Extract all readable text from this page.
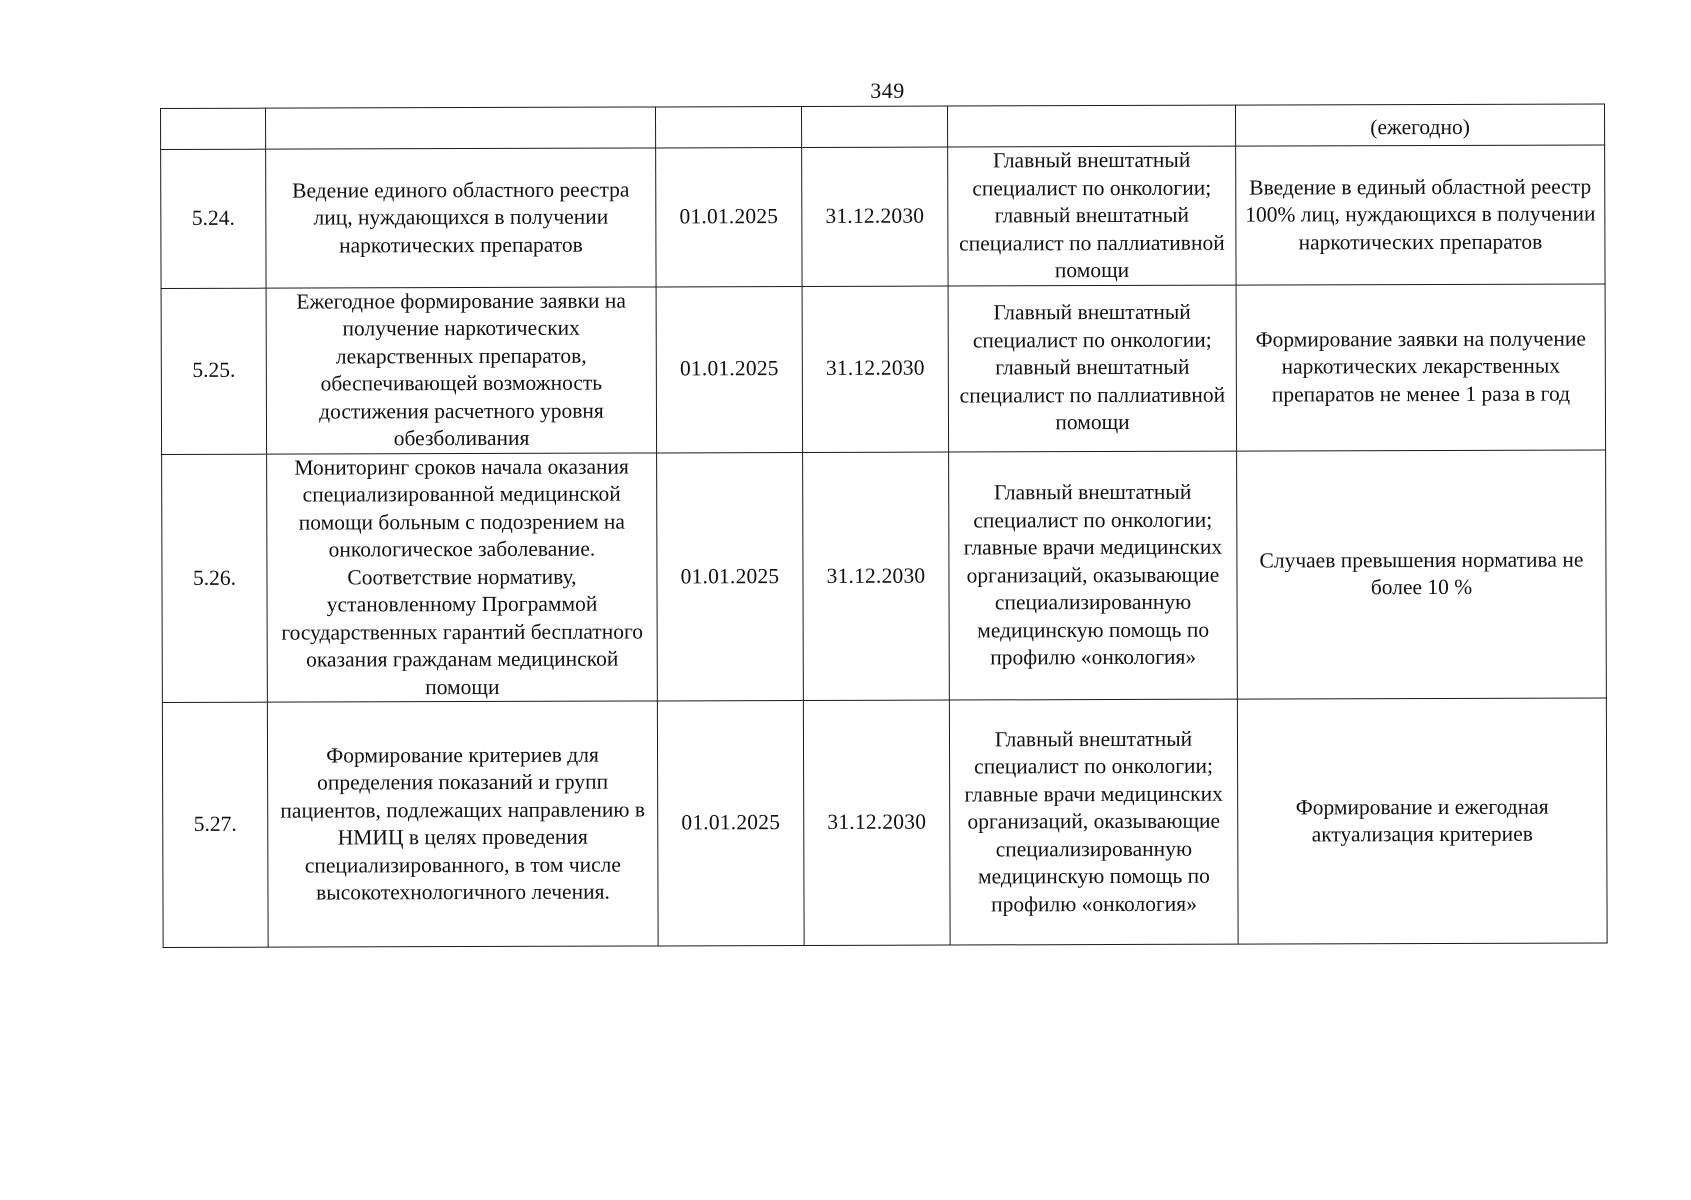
349
					(ежегодно)
5.24.	Ведение единого областного реестра лиц, нуждающихся в получении наркотических препаратов	01.01.2025	31.12.2030	Главный внештатный специалист по онкологии; главный внештатный специалист по паллиативной помощи	Введение в единый областной реестр 100% лиц, нуждающихся в получении наркотических препаратов
5.25.	Ежегодное формирование заявки на получение наркотических лекарственных препаратов, обеспечивающей возможность достижения расчетного уровня обезболивания	01.01.2025	31.12.2030	Главный внештатный специалист по онкологии; главный внештатный специалист по паллиативной помощи	Формирование заявки на получение наркотических лекарственных препаратов не менее 1 раза в год
5.26.	Мониторинг сроков начала оказания специализированной медицинской помощи больным с подозрением на онкологическое заболевание. Соответствие нормативу, установленному Программой государственных гарантий бесплатного оказания гражданам медицинской помощи	01.01.2025	31.12.2030	Главный внештатный специалист по онкологии; главные врачи медицинских организаций, оказывающие специализированную медицинскую помощь по профилю «онкология»	Случаев превышения норматива не более 10 %
5.27.	Формирование критериев для определения показаний и групп пациентов, подлежащих направлению в НМИЦ в целях проведения специализированного, в том числе высокотехнологичного лечения.	01.01.2025	31.12.2030	Главный внештатный специалист по онкологии; главные врачи медицинских организаций, оказывающие специализированную медицинскую помощь по профилю «онкология»	Формирование и ежегодная актуализация критериев
